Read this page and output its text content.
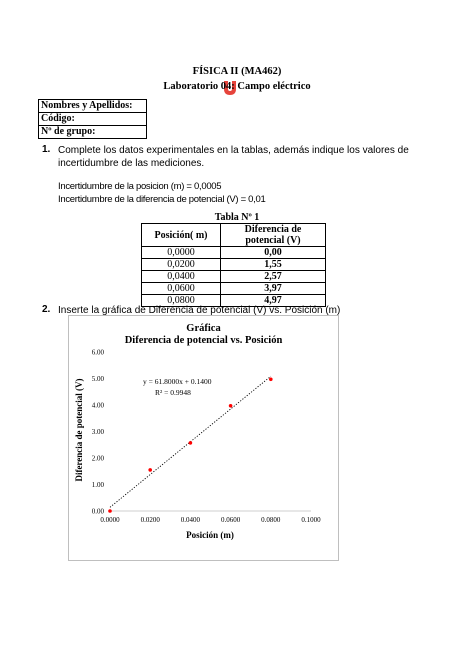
FÍSICA II (MA462)
Laboratorio 04: Campo eléctrico
Nombres y Apellidos:
Código:
Nº de grupo:
1. Complete los datos experimentales en la tablas, además indique los valores de incertidumbre de las mediciones.
Incertidumbre de la posicion (m) = 0,0005
Incertidumbre de la diferencia de potencial (V) = 0,01
Tabla Nº 1
Posición( m)	Diferencia de potencial (V)
0,0000	0,00
0,0200	1,55
0,0400	2,57
0,0600	3,97
0,0800	4,97
2. Inserte la gráfica de Diferencia de potencial (V) vs. Posición (m)
Gráfica
Diferencia de potencial vs. Posición
0.00
1.00
2.00
3.00
4.00
5.00
6.00
0.0000	0.0200	0.0400	0.0600	0.0800	0.1000
y = 61.8000x + 0.1400
R² = 0.9948
Posición (m)
Diferencia de potencial (V)
